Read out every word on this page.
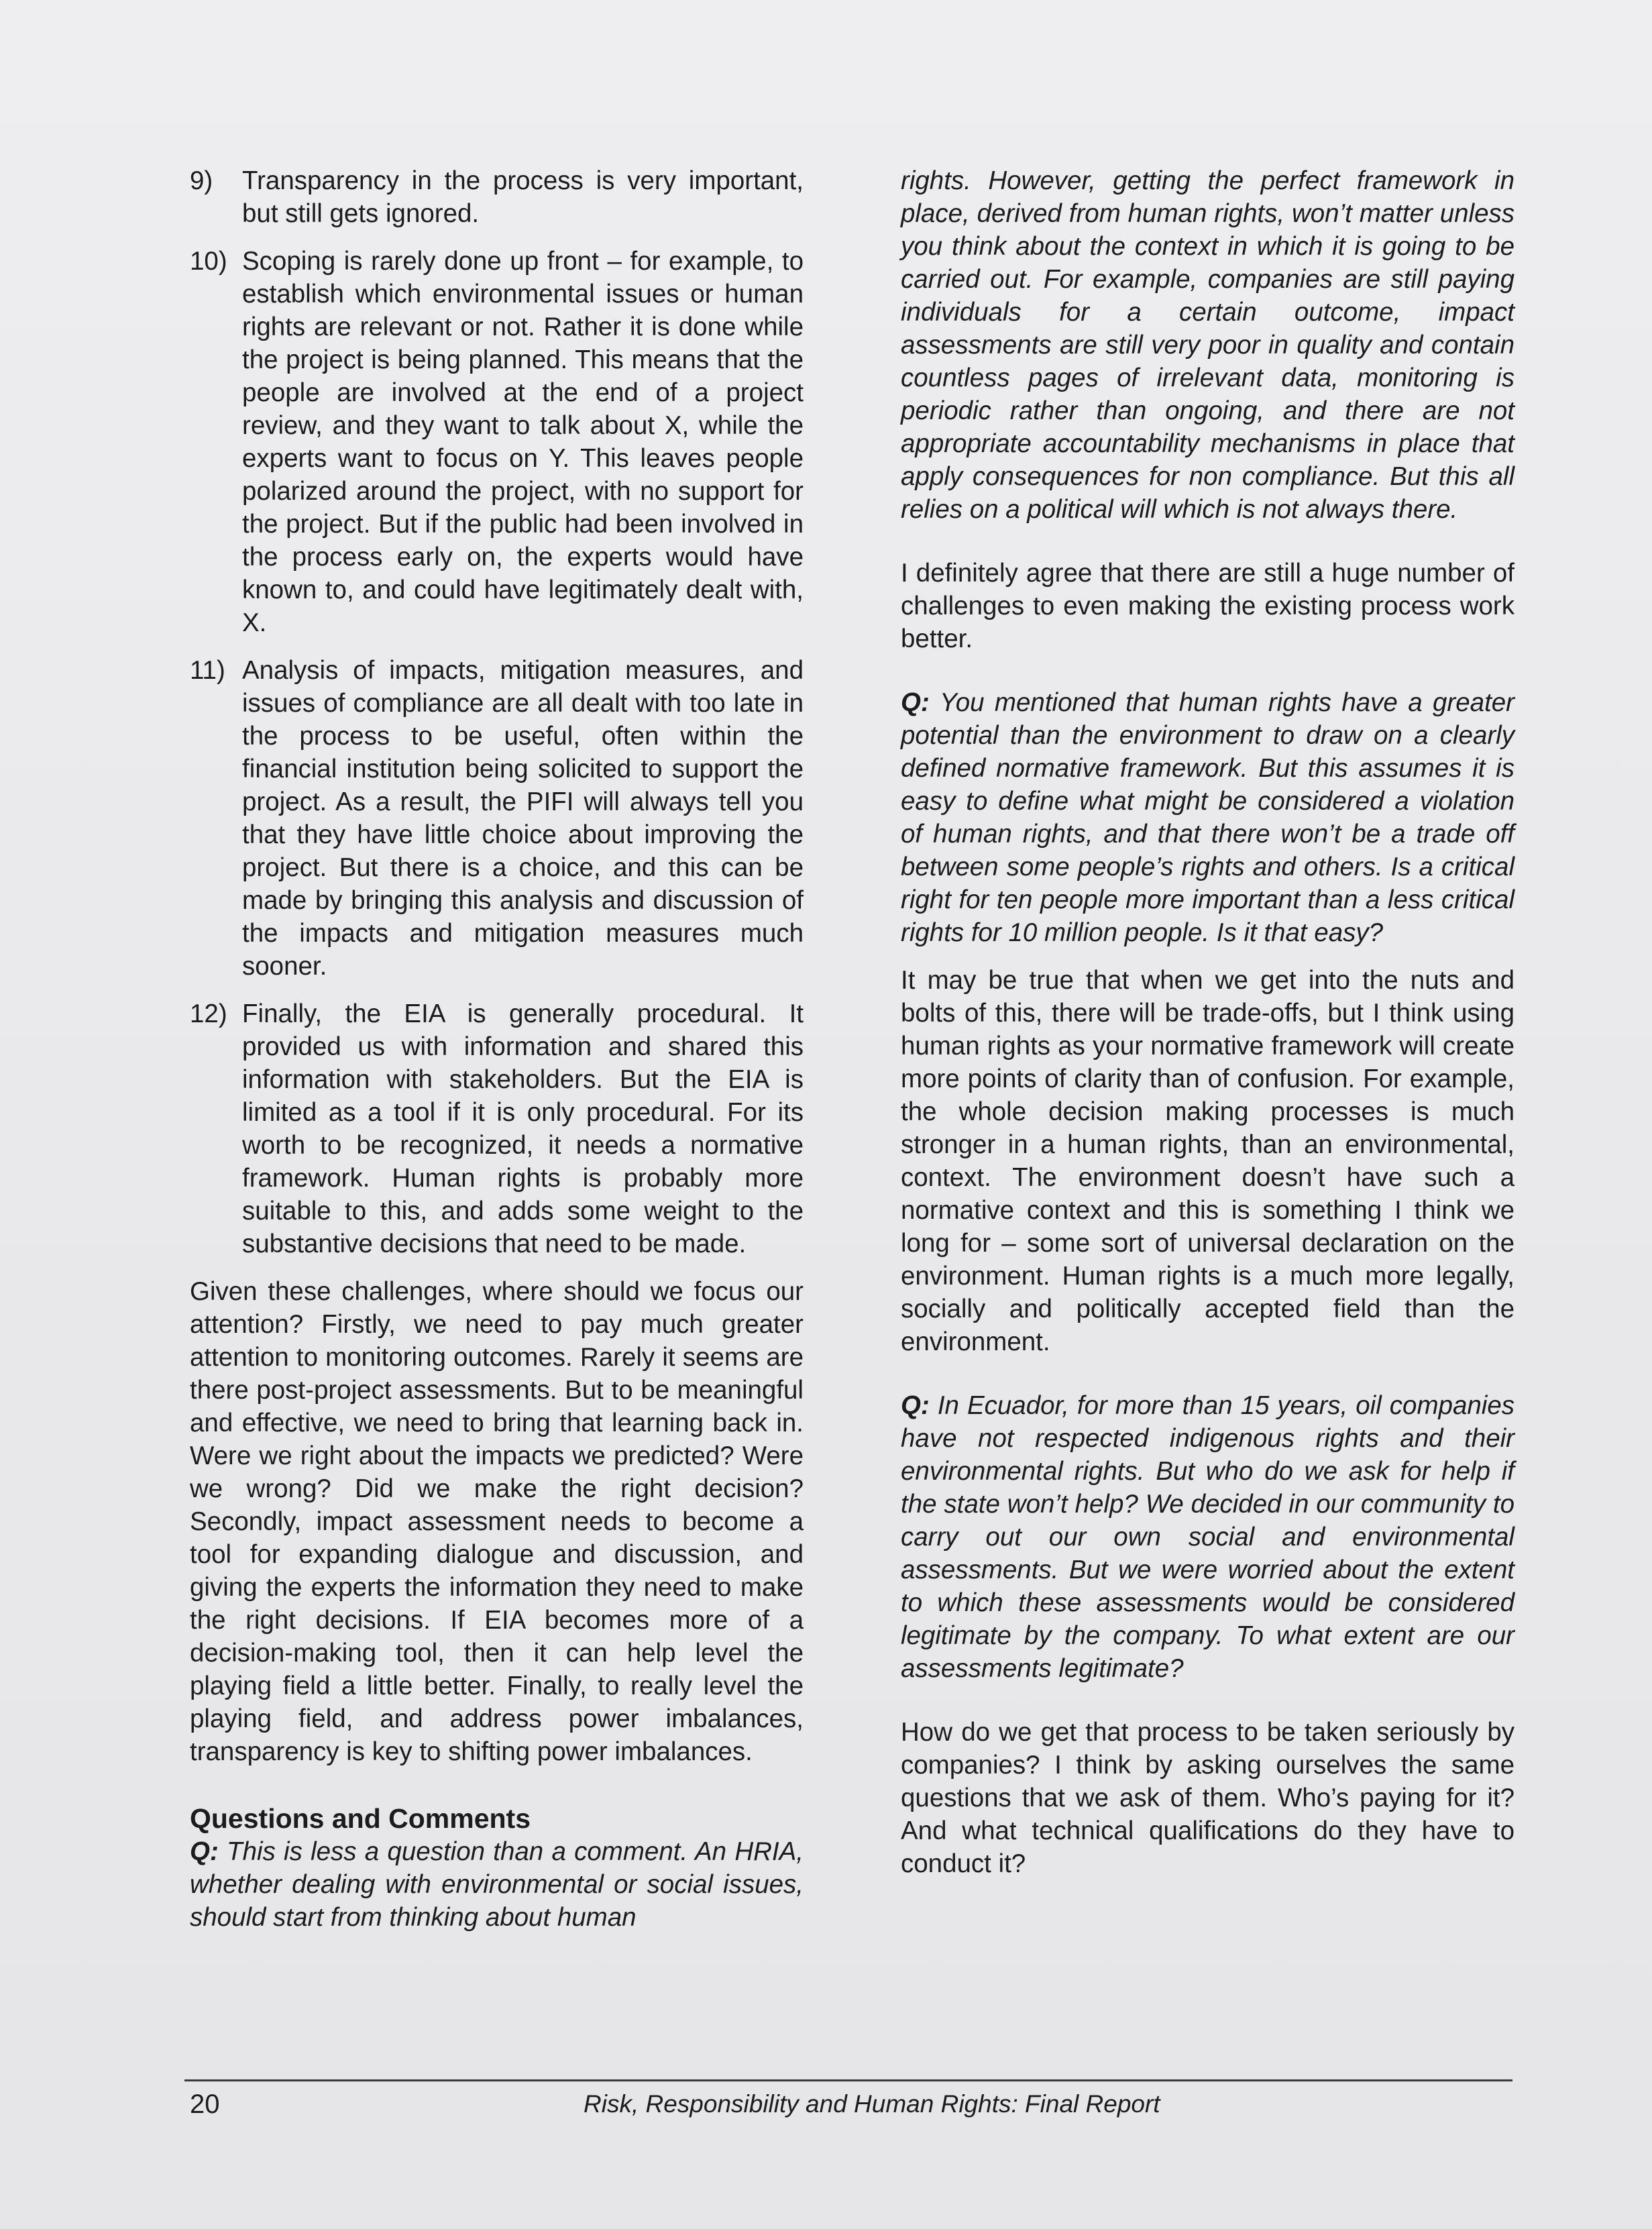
9) Transparency in the process is very important, but still gets ignored.
10) Scoping is rarely done up front – for example, to establish which environmental issues or human rights are relevant or not. Rather it is done while the project is being planned. This means that the people are involved at the end of a project review, and they want to talk about X, while the experts want to focus on Y. This leaves people polarized around the project, with no support for the project. But if the public had been involved in the process early on, the experts would have known to, and could have legitimately dealt with, X.
11) Analysis of impacts, mitigation measures, and issues of compliance are all dealt with too late in the process to be useful, often within the financial institution being solicited to support the project. As a result, the PIFI will always tell you that they have little choice about improving the project. But there is a choice, and this can be made by bringing this analysis and discussion of the impacts and mitigation measures much sooner.
12) Finally, the EIA is generally procedural. It provided us with information and shared this information with stakeholders. But the EIA is limited as a tool if it is only procedural. For its worth to be recognized, it needs a normative framework. Human rights is probably more suitable to this, and adds some weight to the substantive decisions that need to be made.

Given these challenges, where should we focus our attention? Firstly, we need to pay much greater attention to monitoring outcomes. Rarely it seems are there post-project assessments. But to be meaningful and effective, we need to bring that learning back in. Were we right about the impacts we predicted? Were we wrong? Did we make the right decision? Secondly, impact assessment needs to become a tool for expanding dialogue and discussion, and giving the experts the information they need to make the right decisions. If EIA becomes more of a decision-making tool, then it can help level the playing field a little better. Finally, to really level the playing field, and address power imbalances, transparency is key to shifting power imbalances.

Questions and Comments

Q: This is less a question than a comment. An HRIA, whether dealing with environmental or social issues, should start from thinking about human

rights. However, getting the perfect framework in place, derived from human rights, won’t matter unless you think about the context in which it is going to be carried out. For example, companies are still paying individuals for a certain outcome, impact assessments are still very poor in quality and contain countless pages of irrelevant data, monitoring is periodic rather than ongoing, and there are not appropriate accountability mechanisms in place that apply consequences for non compliance. But this all relies on a political will which is not always there.

I definitely agree that there are still a huge number of challenges to even making the existing process work better.

Q: You mentioned that human rights have a greater potential than the environment to draw on a clearly defined normative framework. But this assumes it is easy to define what might be considered a violation of human rights, and that there won’t be a trade off between some people’s rights and others. Is a critical right for ten people more important than a less critical rights for 10 million people. Is it that easy?

It may be true that when we get into the nuts and bolts of this, there will be trade-offs, but I think using human rights as your normative framework will create more points of clarity than of confusion. For example, the whole decision making processes is much stronger in a human rights, than an environmental, context. The environment doesn’t have such a normative context and this is something I think we long for – some sort of universal declaration on the environment. Human rights is a much more legally, socially and politically accepted field than the environment.

Q: In Ecuador, for more than 15 years, oil companies have not respected indigenous rights and their environmental rights. But who do we ask for help if the state won’t help? We decided in our community to carry out our own social and environmental assessments. But we were worried about the extent to which these assessments would be considered legitimate by the company. To what extent are our assessments legitimate?

How do we get that process to be taken seriously by companies? I think by asking ourselves the same questions that we ask of them. Who’s paying for it? And what technical qualifications do they have to conduct it?

20	Risk, Responsibility and Human Rights: Final Report
